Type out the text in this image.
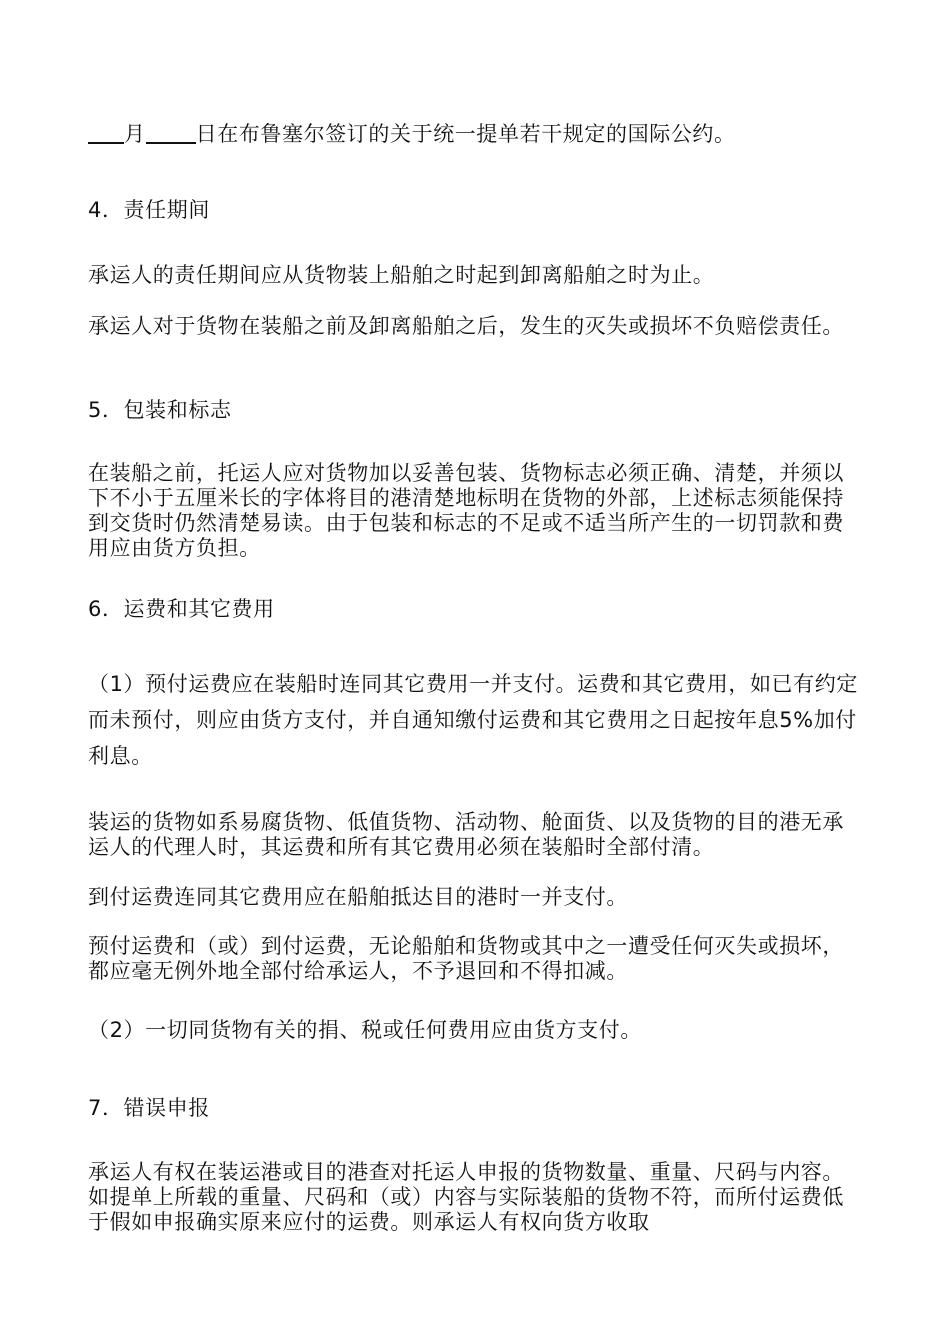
月 日在布鲁塞尔签订的关于统一提单若干规定的国际公约。

4．责任期间

承运人的责任期间应从货物装上船舶之时起到卸离船舶之时为止。

承运人对于货物在装船之前及卸离船舶之后，发生的灭失或损坏不负赔偿责任。

5．包装和标志

在装船之前，托运人应对货物加以妥善包装、货物标志必须正确、清楚，并须以下不小于五厘米长的字体将目的港清楚地标明在货物的外部，上述标志须能保持到交货时仍然清楚易读。由于包装和标志的不足或不适当所产生的一切罚款和费用应由货方负担。

6．运费和其它费用

（1）预付运费应在装船时连同其它费用一并支付。运费和其它费用，如已有约定而未预付，则应由货方支付，并自通知缴付运费和其它费用之日起按年息5%加付利息。

装运的货物如系易腐货物、低值货物、活动物、舱面货、以及货物的目的港无承运人的代理人时，其运费和所有其它费用必须在装船时全部付清。

到付运费连同其它费用应在船舶抵达目的港时一并支付。

预付运费和（或）到付运费，无论船舶和货物或其中之一遭受任何灭失或损坏，都应毫无例外地全部付给承运人，不予退回和不得扣减。

（2）一切同货物有关的捐、税或任何费用应由货方支付。

7．错误申报

承运人有权在装运港或目的港查对托运人申报的货物数量、重量、尺码与内容。如提单上所载的重量、尺码和（或）内容与实际装船的货物不符，而所付运费低于假如申报确实原来应付的运费。则承运人有权向货方收取
